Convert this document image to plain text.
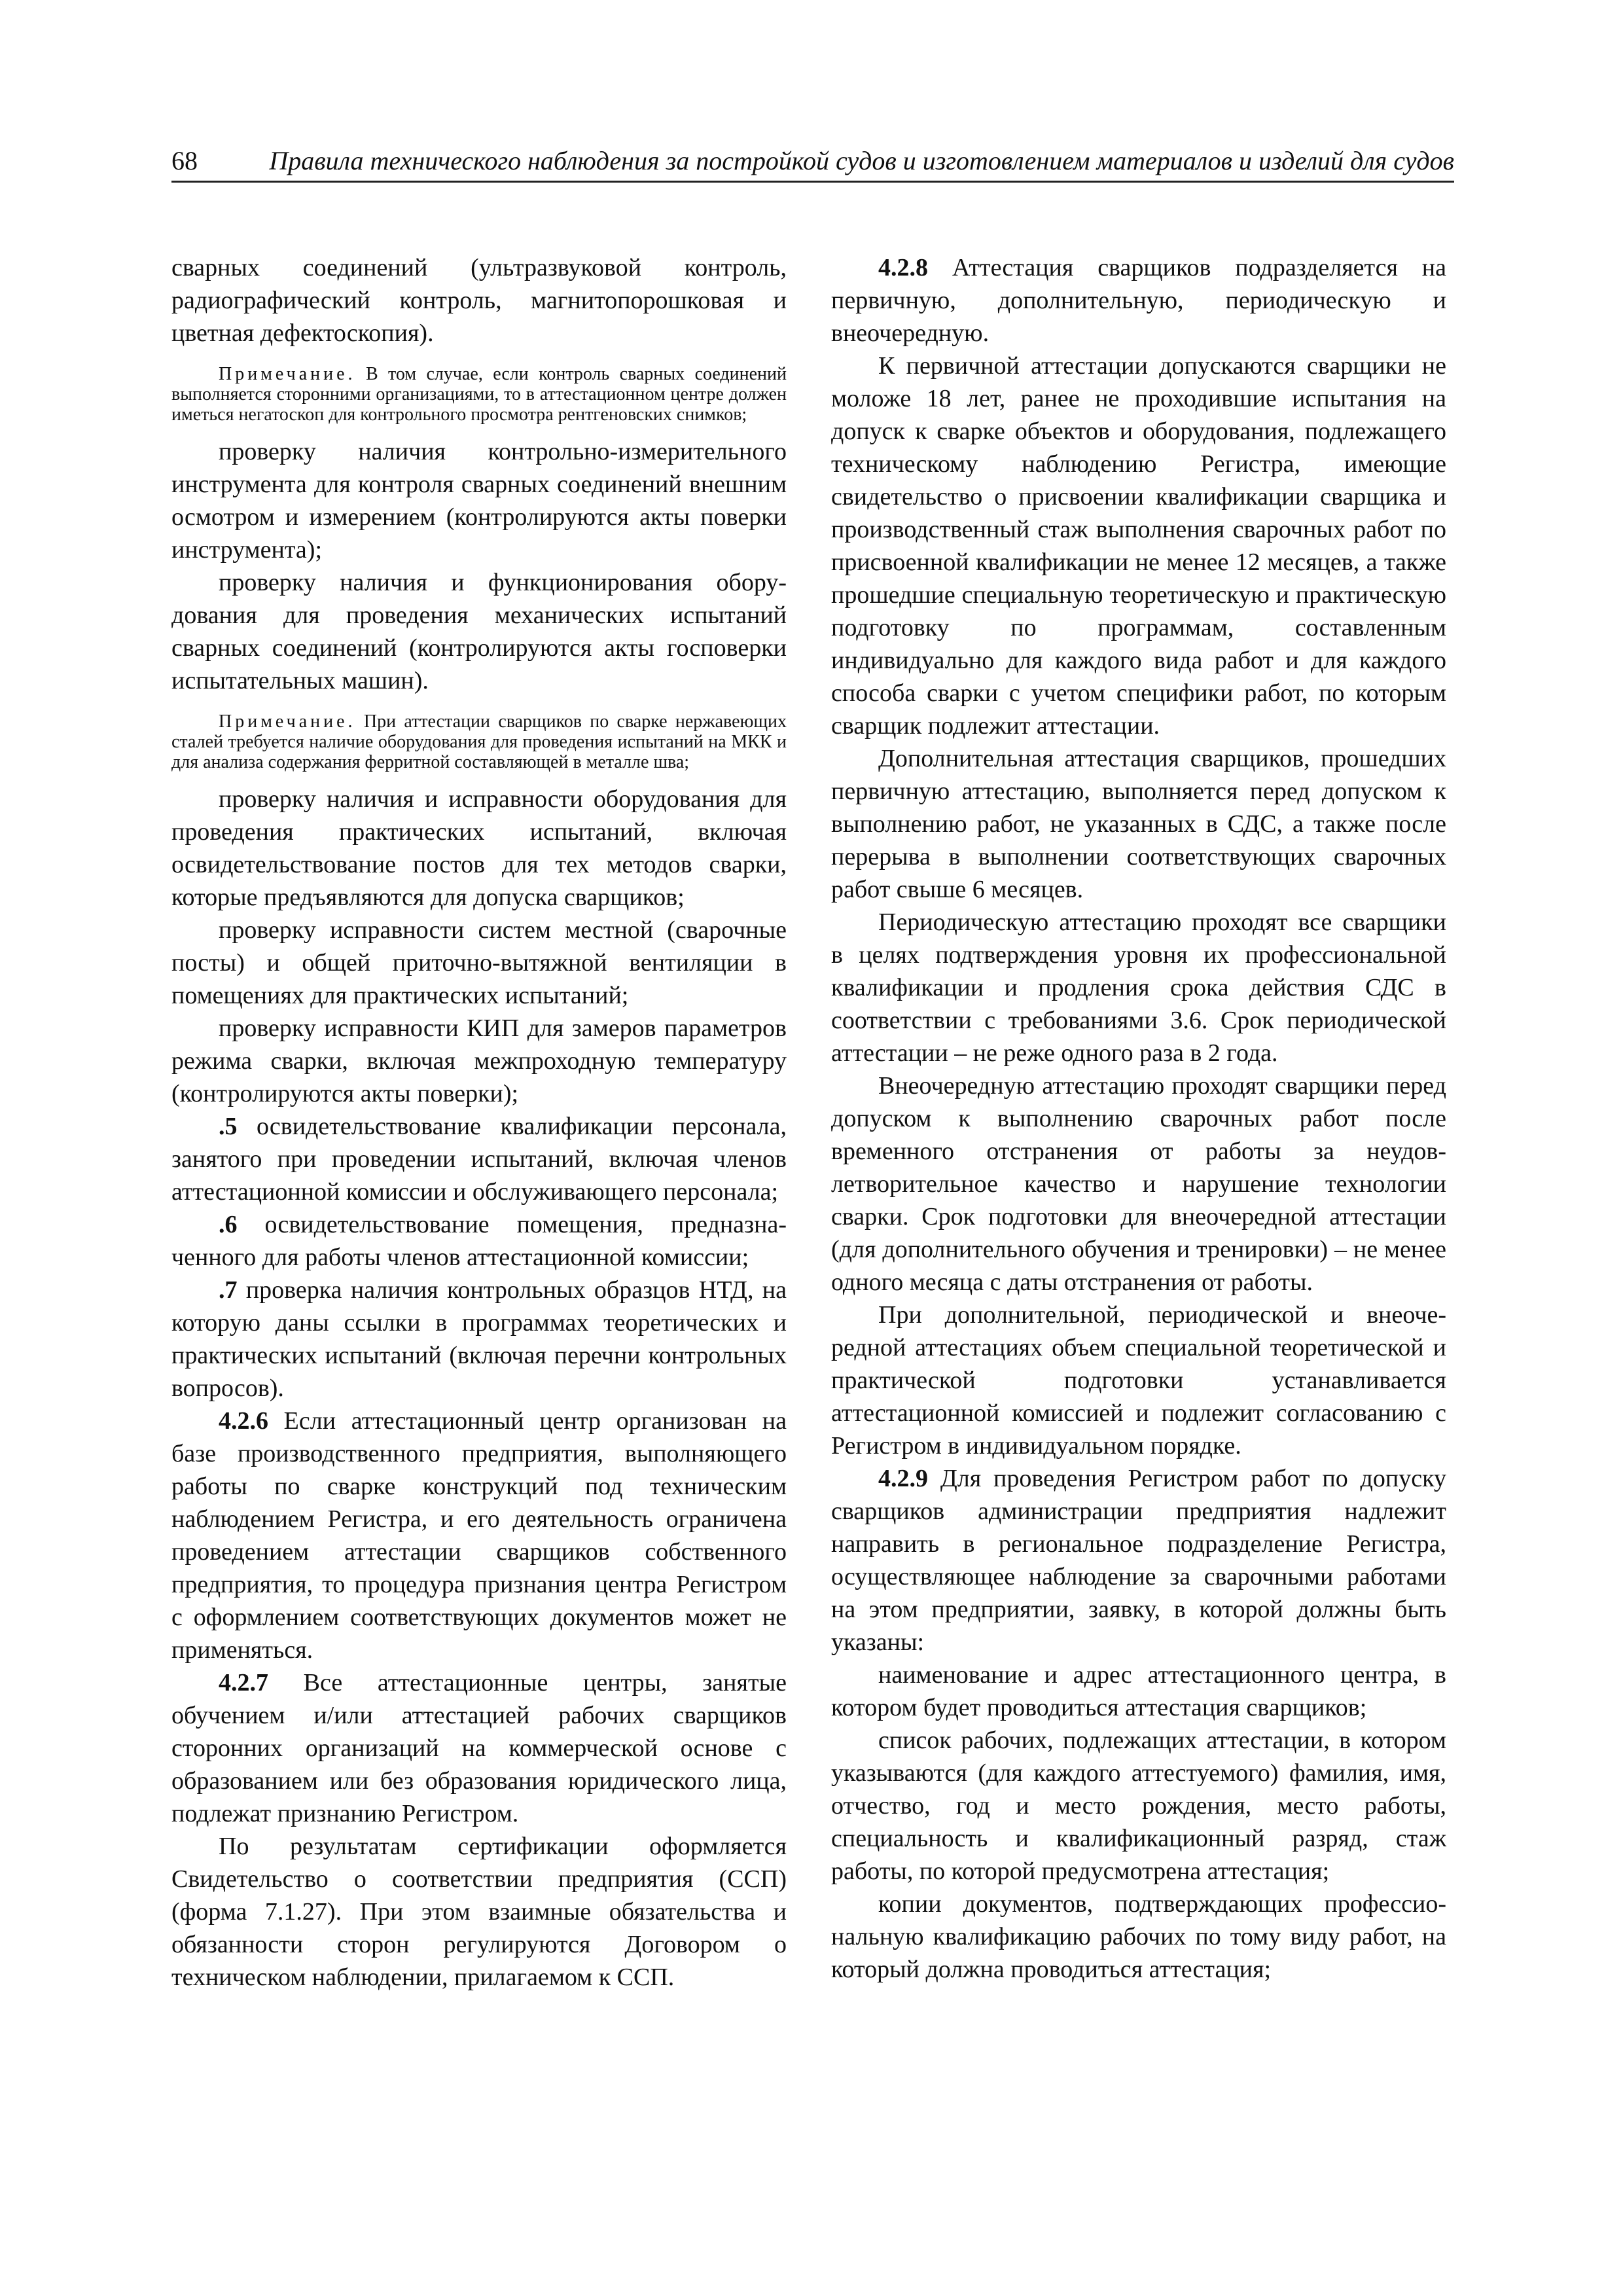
68	Правила технического наблюдения за постройкой судов и изготовлением материалов и изделий для судов

сварных соединений (ультразвуковой контроль, радиографический контроль, магнитопорошковая и цветная дефектоскопия).

Примечание. В том случае, если контроль сварных соединений выполняется сторонними организациями, то в аттестационном центре должен иметься негатоскоп для контрольного просмотра рентгеновских снимков;

проверку наличия контрольно-измерительного инструмента для контроля сварных соединений внешним осмотром и измерением (контролируются акты поверки инструмента);

проверку наличия и функционирования оборудования для проведения механических испытаний сварных соединений (контролируются акты госповерки испытательных машин).

Примечание. При аттестации сварщиков по сварке нержавеющих сталей требуется наличие оборудования для проведения испытаний на МКК и для анализа содержания ферритной составляющей в металле шва;

проверку наличия и исправности оборудования для проведения практических испытаний, включая освидетельствование постов для тех методов сварки, которые предъявляются для допуска сварщиков;

проверку исправности систем местной (сварочные посты) и общей приточно-вытяжной вентиляции в помещениях для практических испытаний;

проверку исправности КИП для замеров параметров режима сварки, включая межпроходную температуру (контролируются акты поверки);

.5 освидетельствование квалификации персонала, занятого при проведении испытаний, включая членов аттестационной комиссии и обслуживающего персонала;

.6 освидетельствование помещения, предназначенного для работы членов аттестационной комиссии;

.7 проверка наличия контрольных образцов НТД, на которую даны ссылки в программах теоретических и практических испытаний (включая перечни контрольных вопросов).

4.2.6 Если аттестационный центр организован на базе производственного предприятия, выполняющего работы по сварке конструкций под техническим наблюдением Регистра, и его деятельность ограничена проведением аттестации сварщиков собственного предприятия, то процедура признания центра Регистром с оформлением соответствующих документов может не применяться.

4.2.7 Все аттестационные центры, занятые обучением и/или аттестацией рабочих сварщиков сторонних организаций на коммерческой основе с образованием или без образования юридического лица, подлежат признанию Регистром.

По результатам сертификации оформляется Свидетельство о соответствии предприятия (ССП) (форма 7.1.27). При этом взаимные обязательства и обязанности сторон регулируются Договором о техническом наблюдении, прилагаемом к ССП.

4.2.8 Аттестация сварщиков подразделяется на первичную, дополнительную, периодическую и внеочередную.

К первичной аттестации допускаются сварщики не моложе 18 лет, ранее не проходившие испытания на допуск к сварке объектов и оборудования, подлежащего техническому наблюдению Регистра, имеющие свидетельство о присвоении квалификации сварщика и производственный стаж выполнения сварочных работ по присвоенной квалификации не менее 12 месяцев, а также прошедшие специальную теоретическую и практическую подготовку по программам, составленным индивидуально для каждого вида работ и для каждого способа сварки с учетом специфики работ, по которым сварщик подлежит аттестации.

Дополнительная аттестация сварщиков, прошедших первичную аттестацию, выполняется перед допуском к выполнению работ, не указанных в СДС, а также после перерыва в выполнении соответствующих сварочных работ свыше 6 месяцев.

Периодическую аттестацию проходят все сварщики в целях подтверждения уровня их профессиональной квалификации и продления срока действия СДС в соответствии с требованиями 3.6. Срок периодической аттестации – не реже одного раза в 2 года.

Внеочередную аттестацию проходят сварщики перед допуском к выполнению сварочных работ после временного отстранения от работы за неудовлетворительное качество и нарушение технологии сварки. Срок подготовки для внеочередной аттестации (для дополнительного обучения и тренировки) – не менее одного месяца с даты отстранения от работы.

При дополнительной, периодической и внеочередной аттестациях объем специальной теоретической и практической подготовки устанавливается аттестационной комиссией и подлежит согласованию с Регистром в индивидуальном порядке.

4.2.9 Для проведения Регистром работ по допуску сварщиков администрации предприятия надлежит направить в региональное подразделение Регистра, осуществляющее наблюдение за сварочными работами на этом предприятии, заявку, в которой должны быть указаны:

наименование и адрес аттестационного центра, в котором будет проводиться аттестация сварщиков;

список рабочих, подлежащих аттестации, в котором указываются (для каждого аттестуемого) фамилия, имя, отчество, год и место рождения, место работы, специальность и квалификационный разряд, стаж работы, по которой предусмотрена аттестация;

копии документов, подтверждающих профессиональную квалификацию рабочих по тому виду работ, на который должна проводиться аттестация;
